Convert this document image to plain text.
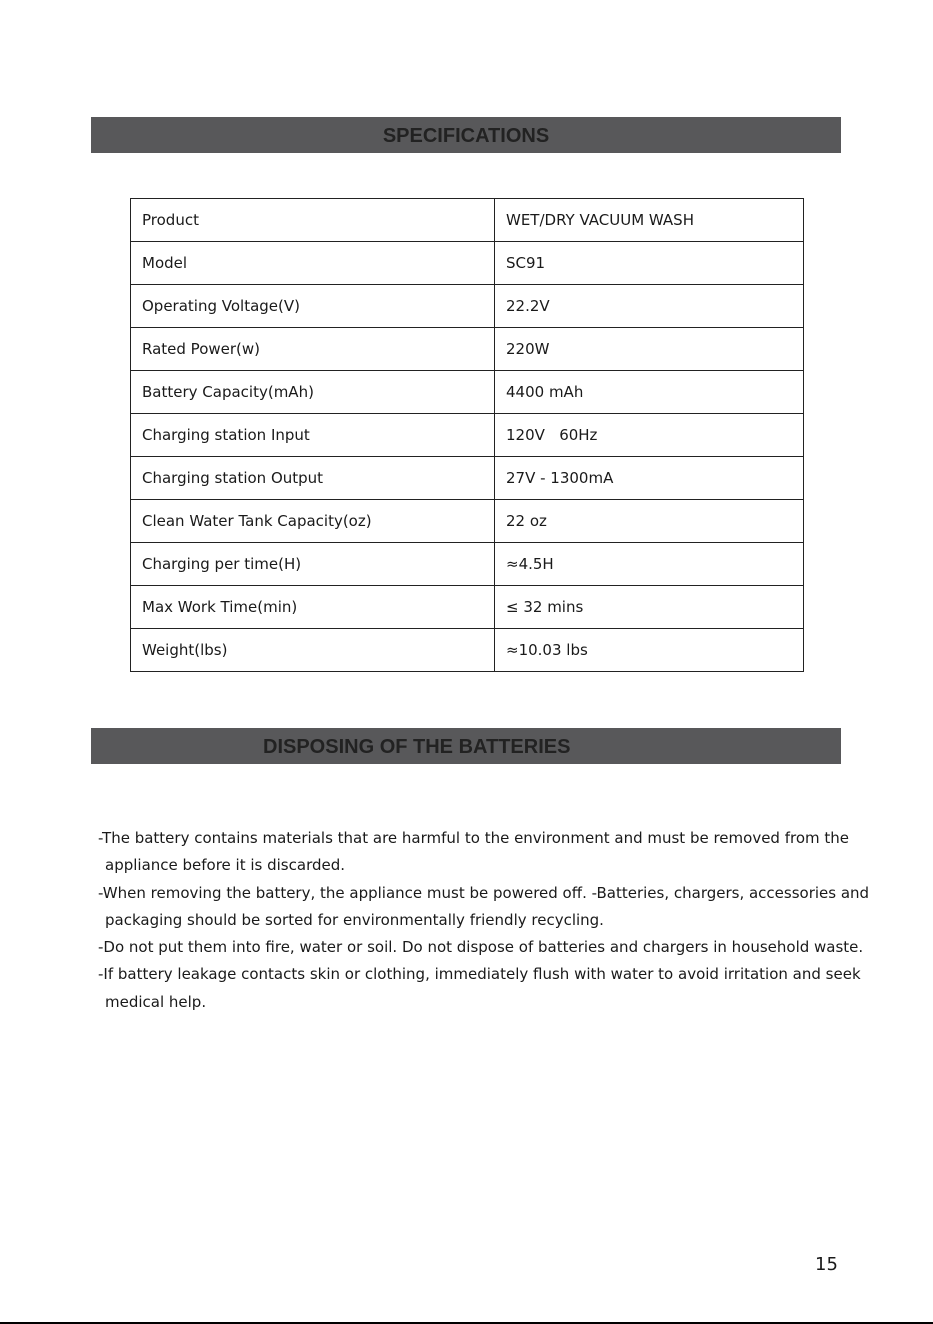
SPECIFICATIONS
Product	WET/DRY VACUUM WASH
Model	SC91
Operating Voltage(V)	22.2V
Rated Power(w)	220W
Battery Capacity(mAh)	4400 mAh
Charging station Input	120V   60Hz
Charging station Output	27V - 1300mA
Clean Water Tank Capacity(oz)	22 oz
Charging per time(H)	≈4.5H
Max Work Time(min)	≤ 32 mins
Weight(lbs)	≈10.03 lbs
DISPOSING OF THE BATTERIES

-The battery contains materials that are harmful to the environment and must be removed from the appliance before it is discarded.

-When removing the battery, the appliance must be powered off. -Batteries, chargers, accessories and packaging should be sorted for environmentally friendly recycling.

-Do not put them into fire, water or soil. Do not dispose of batteries and chargers in household waste.

-If battery leakage contacts skin or clothing, immediately flush with water to avoid irritation and seek medical help.

15
